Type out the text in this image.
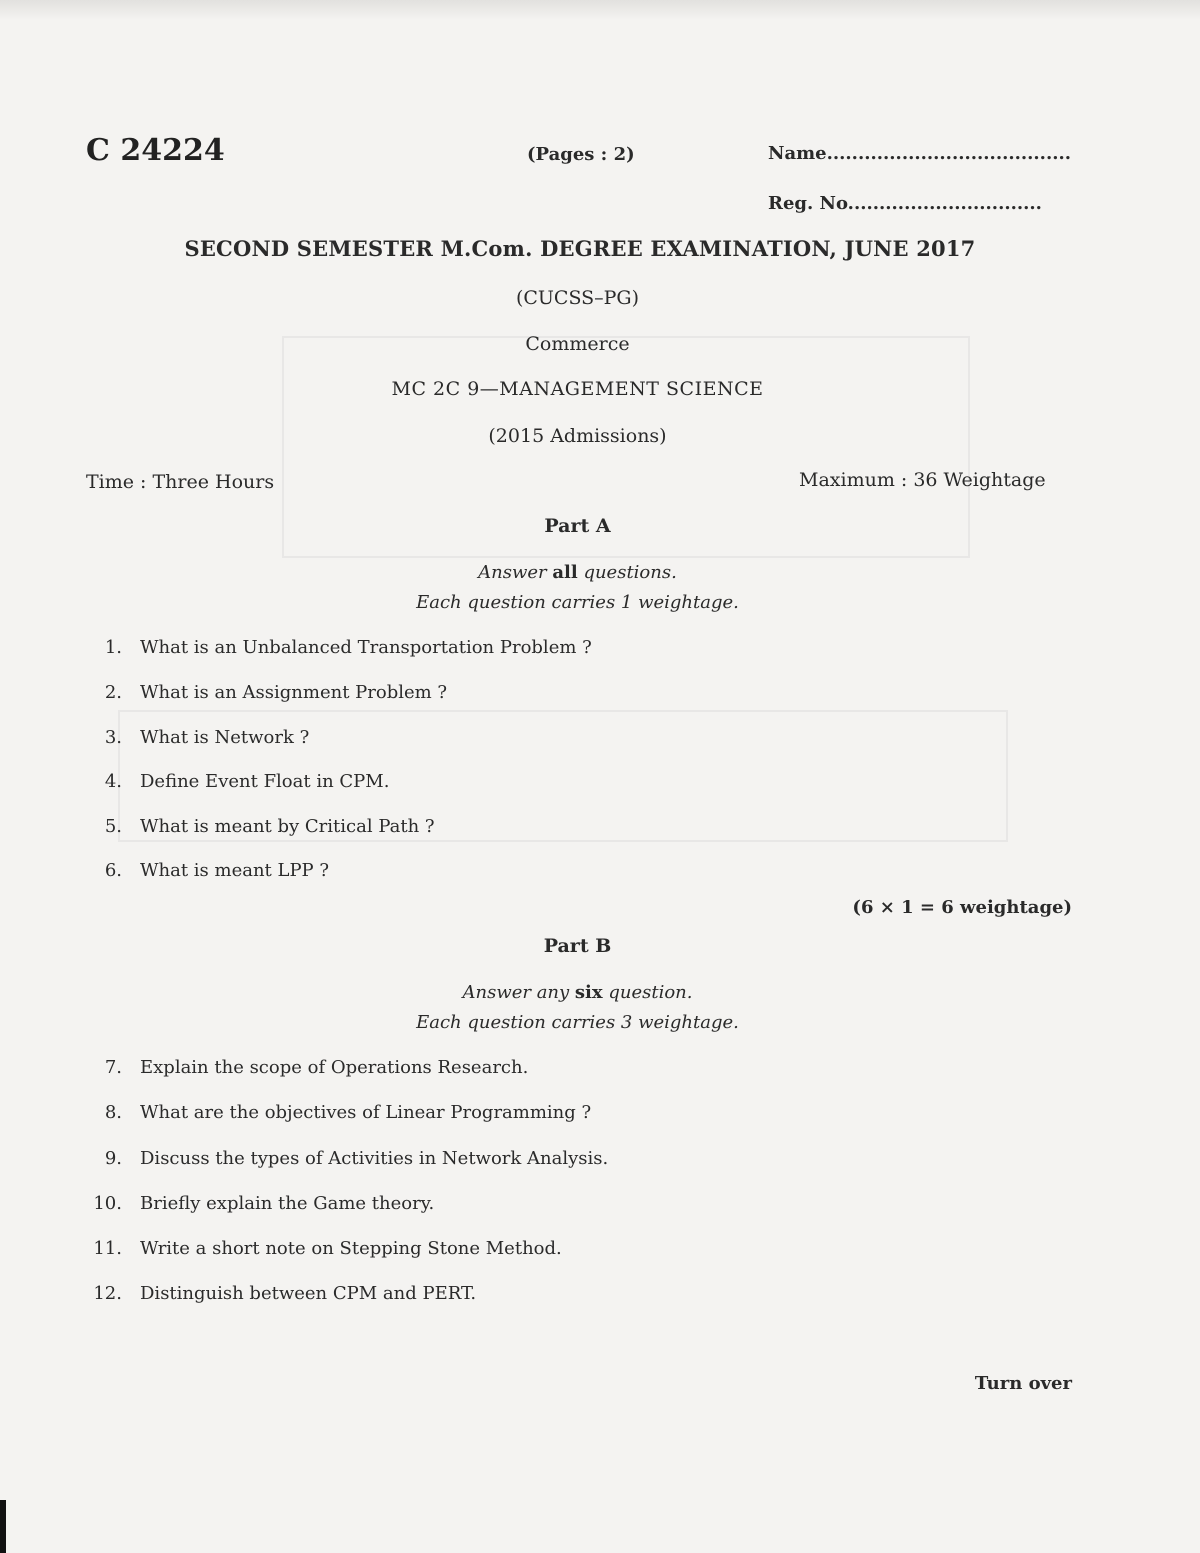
C 24224	(Pages : 2)	Name.......................................
Reg. No...............................
SECOND SEMESTER M.Com. DEGREE EXAMINATION, JUNE 2017
(CUCSS–PG)
Commerce
MC 2C 9—MANAGEMENT SCIENCE
(2015 Admissions)
Time : Three Hours	Maximum : 36 Weightage
Part A
Answer all questions.
Each question carries 1 weightage.
1. What is an Unbalanced Transportation Problem ?
2. What is an Assignment Problem ?
3. What is Network ?
4. Define Event Float in CPM.
5. What is meant by Critical Path ?
6. What is meant LPP ?
(6 × 1 = 6 weightage)
Part B
Answer any six question.
Each question carries 3 weightage.
7. Explain the scope of Operations Research.
8. What are the objectives of Linear Programming ?
9. Discuss the types of Activities in Network Analysis.
10. Briefly explain the Game theory.
11. Write a short note on Stepping Stone Method.
12. Distinguish between CPM and PERT.
Turn over
